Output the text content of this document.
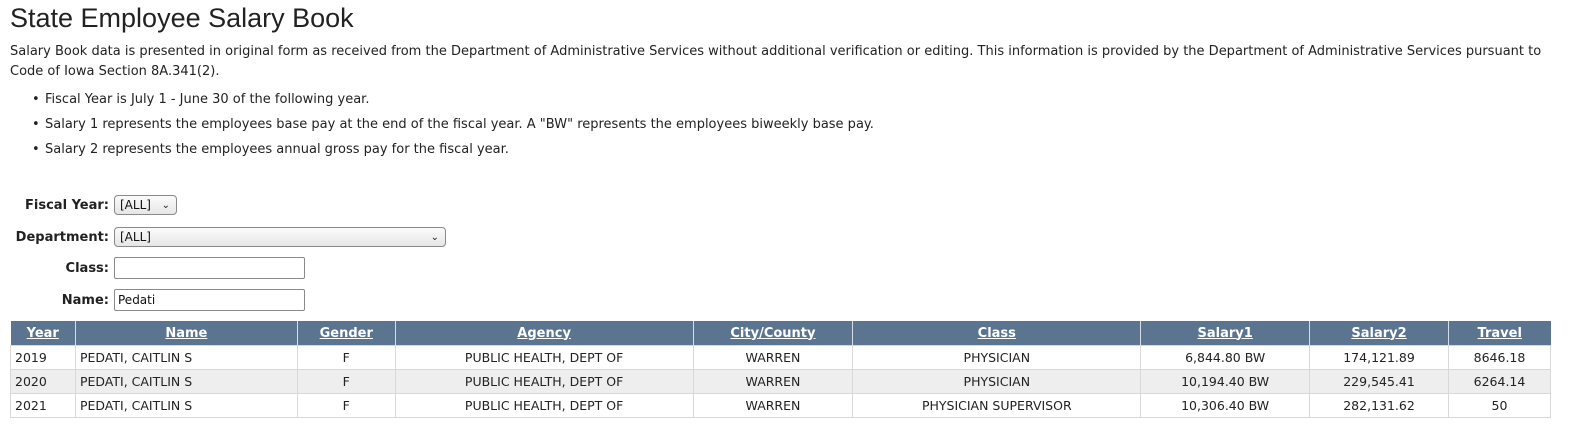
State Employee Salary Book
Salary Book data is presented in original form as received from the Department of Administrative Services without additional verification or editing. This information is provided by the Department of Administrative Services pursuant to Code of Iowa Section 8A.341(2).
• Fiscal Year is July 1 - June 30 of the following year.
• Salary 1 represents the employees base pay at the end of the fiscal year. A "BW" represents the employees biweekly base pay.
• Salary 2 represents the employees annual gross pay for the fiscal year.
Fiscal Year: [ALL] ⌄
Department: [ALL]	⌄
Class:
Name: Pedati
Year	Name	Gender	Agency	City/County	Class	Salary1	Salary2	Travel
2019	PEDATI, CAITLIN S	F	PUBLIC HEALTH, DEPT OF	WARREN	PHYSICIAN	6,844.80 BW	174,121.89	8646.18
2020	PEDATI, CAITLIN S	F	PUBLIC HEALTH, DEPT OF	WARREN	PHYSICIAN	10,194.40 BW	229,545.41	6264.14
2021	PEDATI, CAITLIN S	F	PUBLIC HEALTH, DEPT OF	WARREN	PHYSICIAN SUPERVISOR	10,306.40 BW	282,131.62	50
